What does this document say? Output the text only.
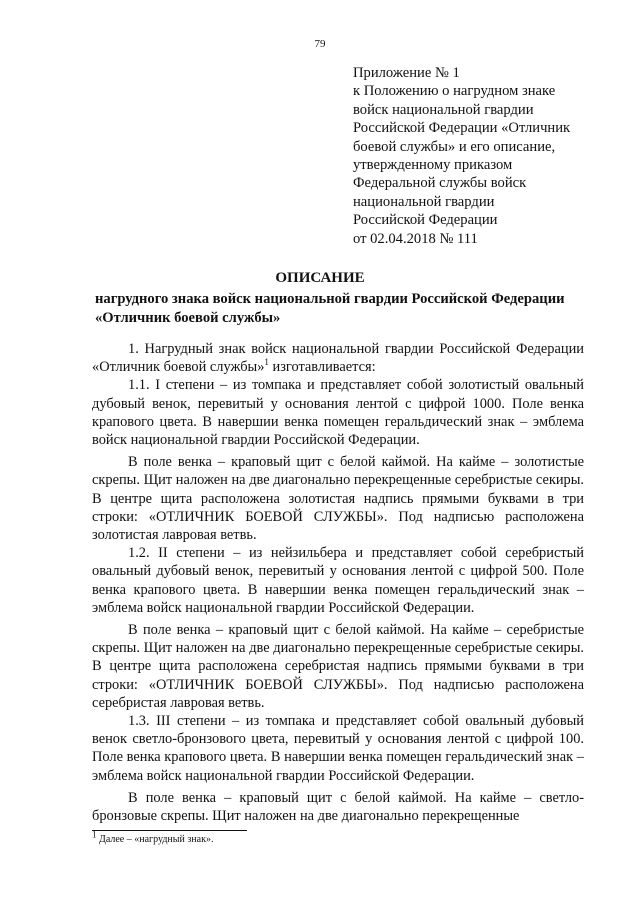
79
Приложение № 1
к Положению о нагрудном знаке
войск национальной гвардии
Российской Федерации «Отличник
боевой службы» и его описание,
утвержденному приказом
Федеральной службы войск
национальной гвардии
Российской Федерации
от 02.04.2018 № 111
ОПИСАНИЕ
нагрудного знака войск национальной гвардии Российской Федерации
«Отличник боевой службы»

1. Нагрудный знак войск национальной гвардии Российской Федерации «Отличник боевой службы»$^1$ изготавливается:

1.1. I степени – из томпака и представляет собой золотистый овальный дубовый венок, перевитый у основания лентой с цифрой 1000. Поле венка крапового цвета. В навершии венка помещен геральдический знак – эмблема войск национальной гвардии Российской Федерации.

В поле венка – краповый щит с белой каймой. На кайме – золотистые скрепы. Щит наложен на две диагонально перекрещенные серебристые секиры. В центре щита расположена золотистая надпись прямыми буквами в три строки: «ОТЛИЧНИК БОЕВОЙ СЛУЖБЫ». Под надписью расположена золотистая лавровая ветвь.

1.2. II степени – из нейзильбера и представляет собой серебристый овальный дубовый венок, перевитый у основания лентой с цифрой 500. Поле венка крапового цвета. В навершии венка помещен геральдический знак – эмблема войск национальной гвардии Российской Федерации.

В поле венка – краповый щит с белой каймой. На кайме – серебристые скрепы. Щит наложен на две диагонально перекрещенные серебристые секиры. В центре щита расположена серебристая надпись прямыми буквами в три строки: «ОТЛИЧНИК БОЕВОЙ СЛУЖБЫ». Под надписью расположена серебристая лавровая ветвь.

1.3. III степени – из томпака и представляет собой овальный дубовый венок светло-бронзового цвета, перевитый у основания лентой с цифрой 100. Поле венка крапового цвета. В навершии венка помещен геральдический знак – эмблема войск национальной гвардии Российской Федерации.

В поле венка – краповый щит с белой каймой. На кайме – светло-бронзовые скрепы. Щит наложен на две диагонально перекрещенные

$^1$ Далее – «нагрудный знак».
